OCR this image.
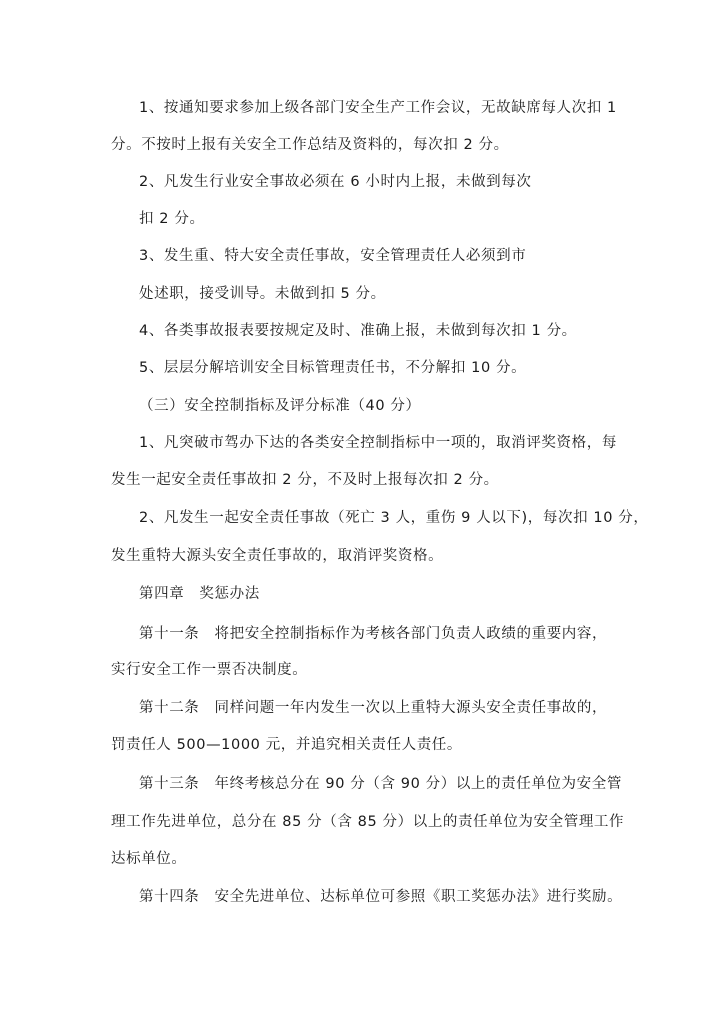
1、按通知要求参加上级各部门安全生产工作会议，无故缺席每人次扣 1
分。不按时上报有关安全工作总结及资料的，每次扣 2 分。
2、凡发生行业安全事故必须在 6 小时内上报，未做到每次
扣 2 分。
3、发生重、特大安全责任事故，安全管理责任人必须到市
处述职，接受训导。未做到扣 5 分。
4、各类事故报表要按规定及时、准确上报，未做到每次扣 1 分。
5、层层分解培训安全目标管理责任书，不分解扣 10 分。
（三）安全控制指标及评分标准（40 分）
1、凡突破市驾办下达的各类安全控制指标中一项的，取消评奖资格，每
发生一起安全责任事故扣 2 分，不及时上报每次扣 2 分。
2、凡发生一起安全责任事故（死亡 3 人，重伤 9 人以下)，每次扣 10 分，
发生重特大源头安全责任事故的，取消评奖资格。
第四章　奖惩办法
第十一条　将把安全控制指标作为考核各部门负责人政绩的重要内容，
实行安全工作一票否决制度。
第十二条　同样问题一年内发生一次以上重特大源头安全责任事故的，
罚责任人 500—1000 元，并追究相关责任人责任。
第十三条　年终考核总分在 90 分（含 90 分）以上的责任单位为安全管
理工作先进单位，总分在 85 分（含 85 分）以上的责任单位为安全管理工作
达标单位。
第十四条　安全先进单位、达标单位可参照《职工奖惩办法》进行奖励。
